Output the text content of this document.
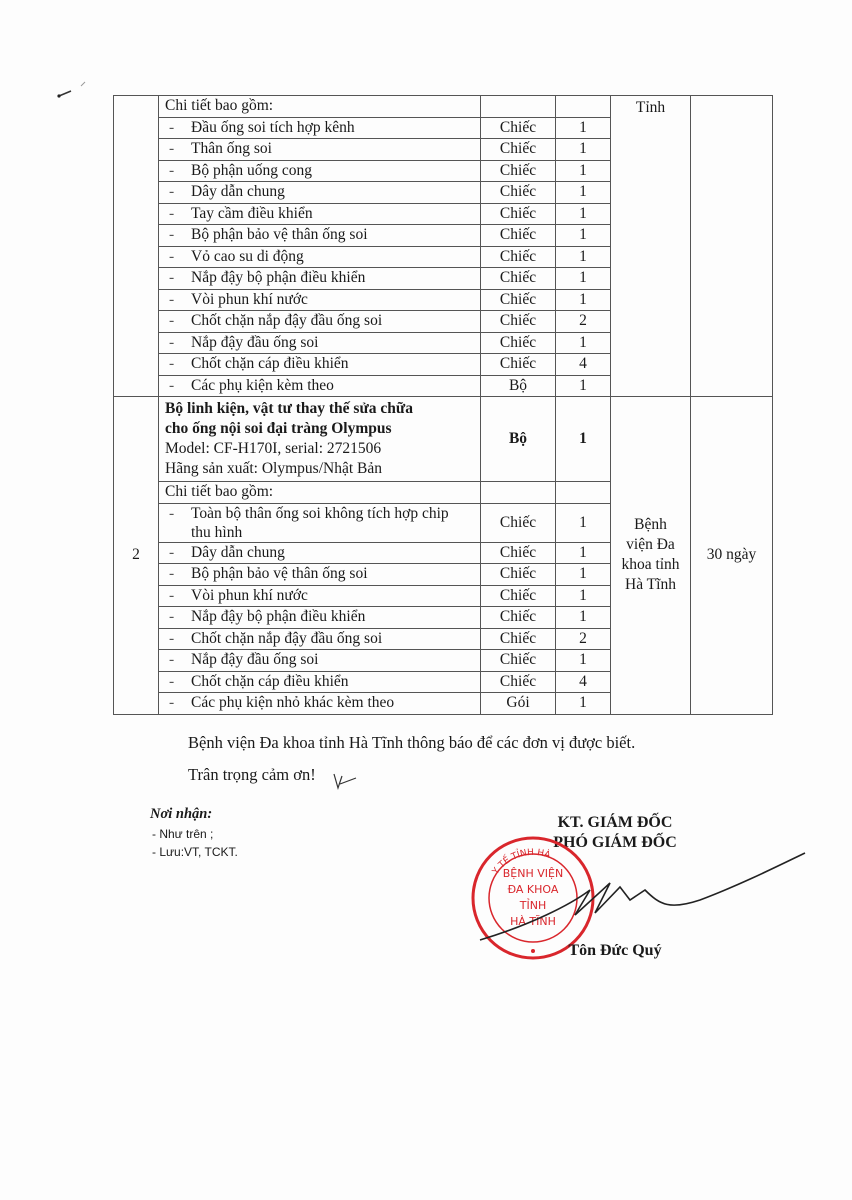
	Chi tiết bao gồm:			Tỉnh	
	- Đầu ống soi tích hợp kênh	Chiếc	1		
	- Thân ống soi	Chiếc	1		
	- Bộ phận uống cong	Chiếc	1		
	- Dây dẫn chung	Chiếc	1		
	- Tay cầm điều khiển	Chiếc	1		
	- Bộ phận bảo vệ thân ống soi	Chiếc	1		
	- Vỏ cao su di động	Chiếc	1		
	- Nắp đậy bộ phận điều khiển	Chiếc	1		
	- Vòi phun khí nước	Chiếc	1		
	- Chốt chặn nắp đậy đầu ống soi	Chiếc	2		
	- Nắp đậy đầu ống soi	Chiếc	1		
	- Chốt chặn cáp điều khiển	Chiếc	4		
	- Các phụ kiện kèm theo	Bộ	1		
2	Bộ linh kiện, vật tư thay thế sửa chữa
cho ống nội soi đại tràng Olympus
Model: CF-H170I, serial: 2721506
Hãng sản xuất: Olympus/Nhật Bản	Bộ	1	Bệnh viện Đa khoa tỉnh Hà Tĩnh	30 ngày
	Chi tiết bao gồm:				
	- Toàn bộ thân ống soi không tích hợp chip thu hình	Chiếc	1		
	- Dây dẫn chung	Chiếc	1		
	- Bộ phận bảo vệ thân ống soi	Chiếc	1		
	- Vòi phun khí nước	Chiếc	1		
	- Nắp đậy bộ phận điều khiển	Chiếc	1		
	- Chốt chặn nắp đậy đầu ống soi	Chiếc	2		
	- Nắp đậy đầu ống soi	Chiếc	1		
	- Chốt chặn cáp điều khiển	Chiếc	4		
	- Các phụ kiện nhỏ khác kèm theo	Gói	1		
Bệnh viện Đa khoa tỉnh Hà Tĩnh thông báo để các đơn vị được biết.
Trân trọng cảm ơn!
Nơi nhận:
- Như trên ;
- Lưu:VT, TCKT.
KT. GIÁM ĐỐC
PHÓ GIÁM ĐỐC
Y TẾ TỈNH HÀ
BỆNH VIỆN
ĐA KHOA
TỈNH
HÀ TĨNH
Tôn Đức Quý
